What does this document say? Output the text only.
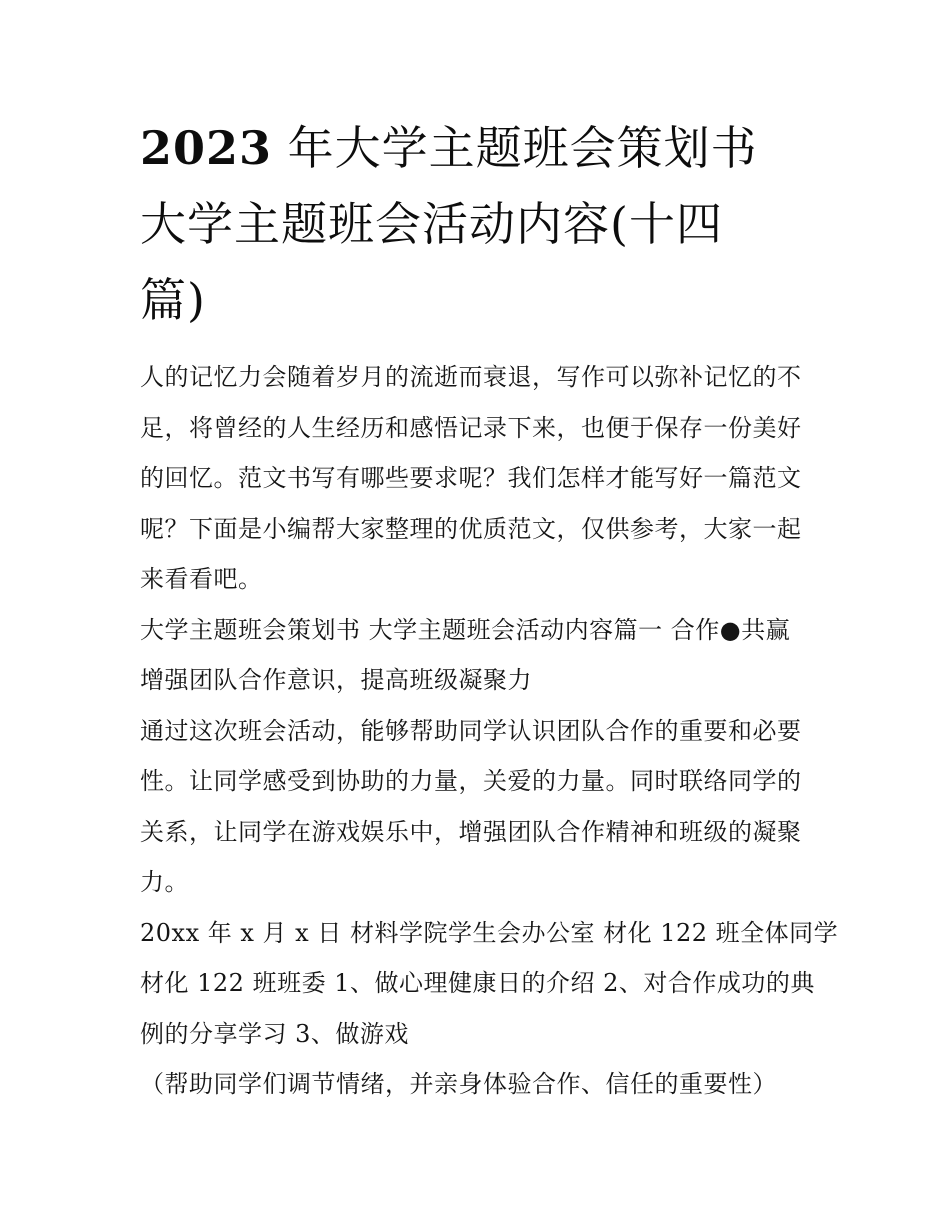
2023 年大学主题班会策划书
大学主题班会活动内容(十四
篇)

人的记忆力会随着岁月的流逝而衰退，写作可以弥补记忆的不
足，将曾经的人生经历和感悟记录下来，也便于保存一份美好
的回忆。范文书写有哪些要求呢？我们怎样才能写好一篇范文
呢？下面是小编帮大家整理的优质范文，仅供参考，大家一起
来看看吧。

大学主题班会策划书 大学主题班会活动内容篇一 合作●共赢
增强团队合作意识，提高班级凝聚力

通过这次班会活动，能够帮助同学认识团队合作的重要和必要
性。让同学感受到协助的力量，关爱的力量。同时联络同学的
关系，让同学在游戏娱乐中，增强团队合作精神和班级的凝聚
力。

20xx 年 x 月 x 日 材料学院学生会办公室 材化 122 班全体同学
材化 122 班班委 1、做心理健康日的介绍 2、对合作成功的典
例的分享学习 3、做游戏

（帮助同学们调节情绪，并亲身体验合作、信任的重要性）
